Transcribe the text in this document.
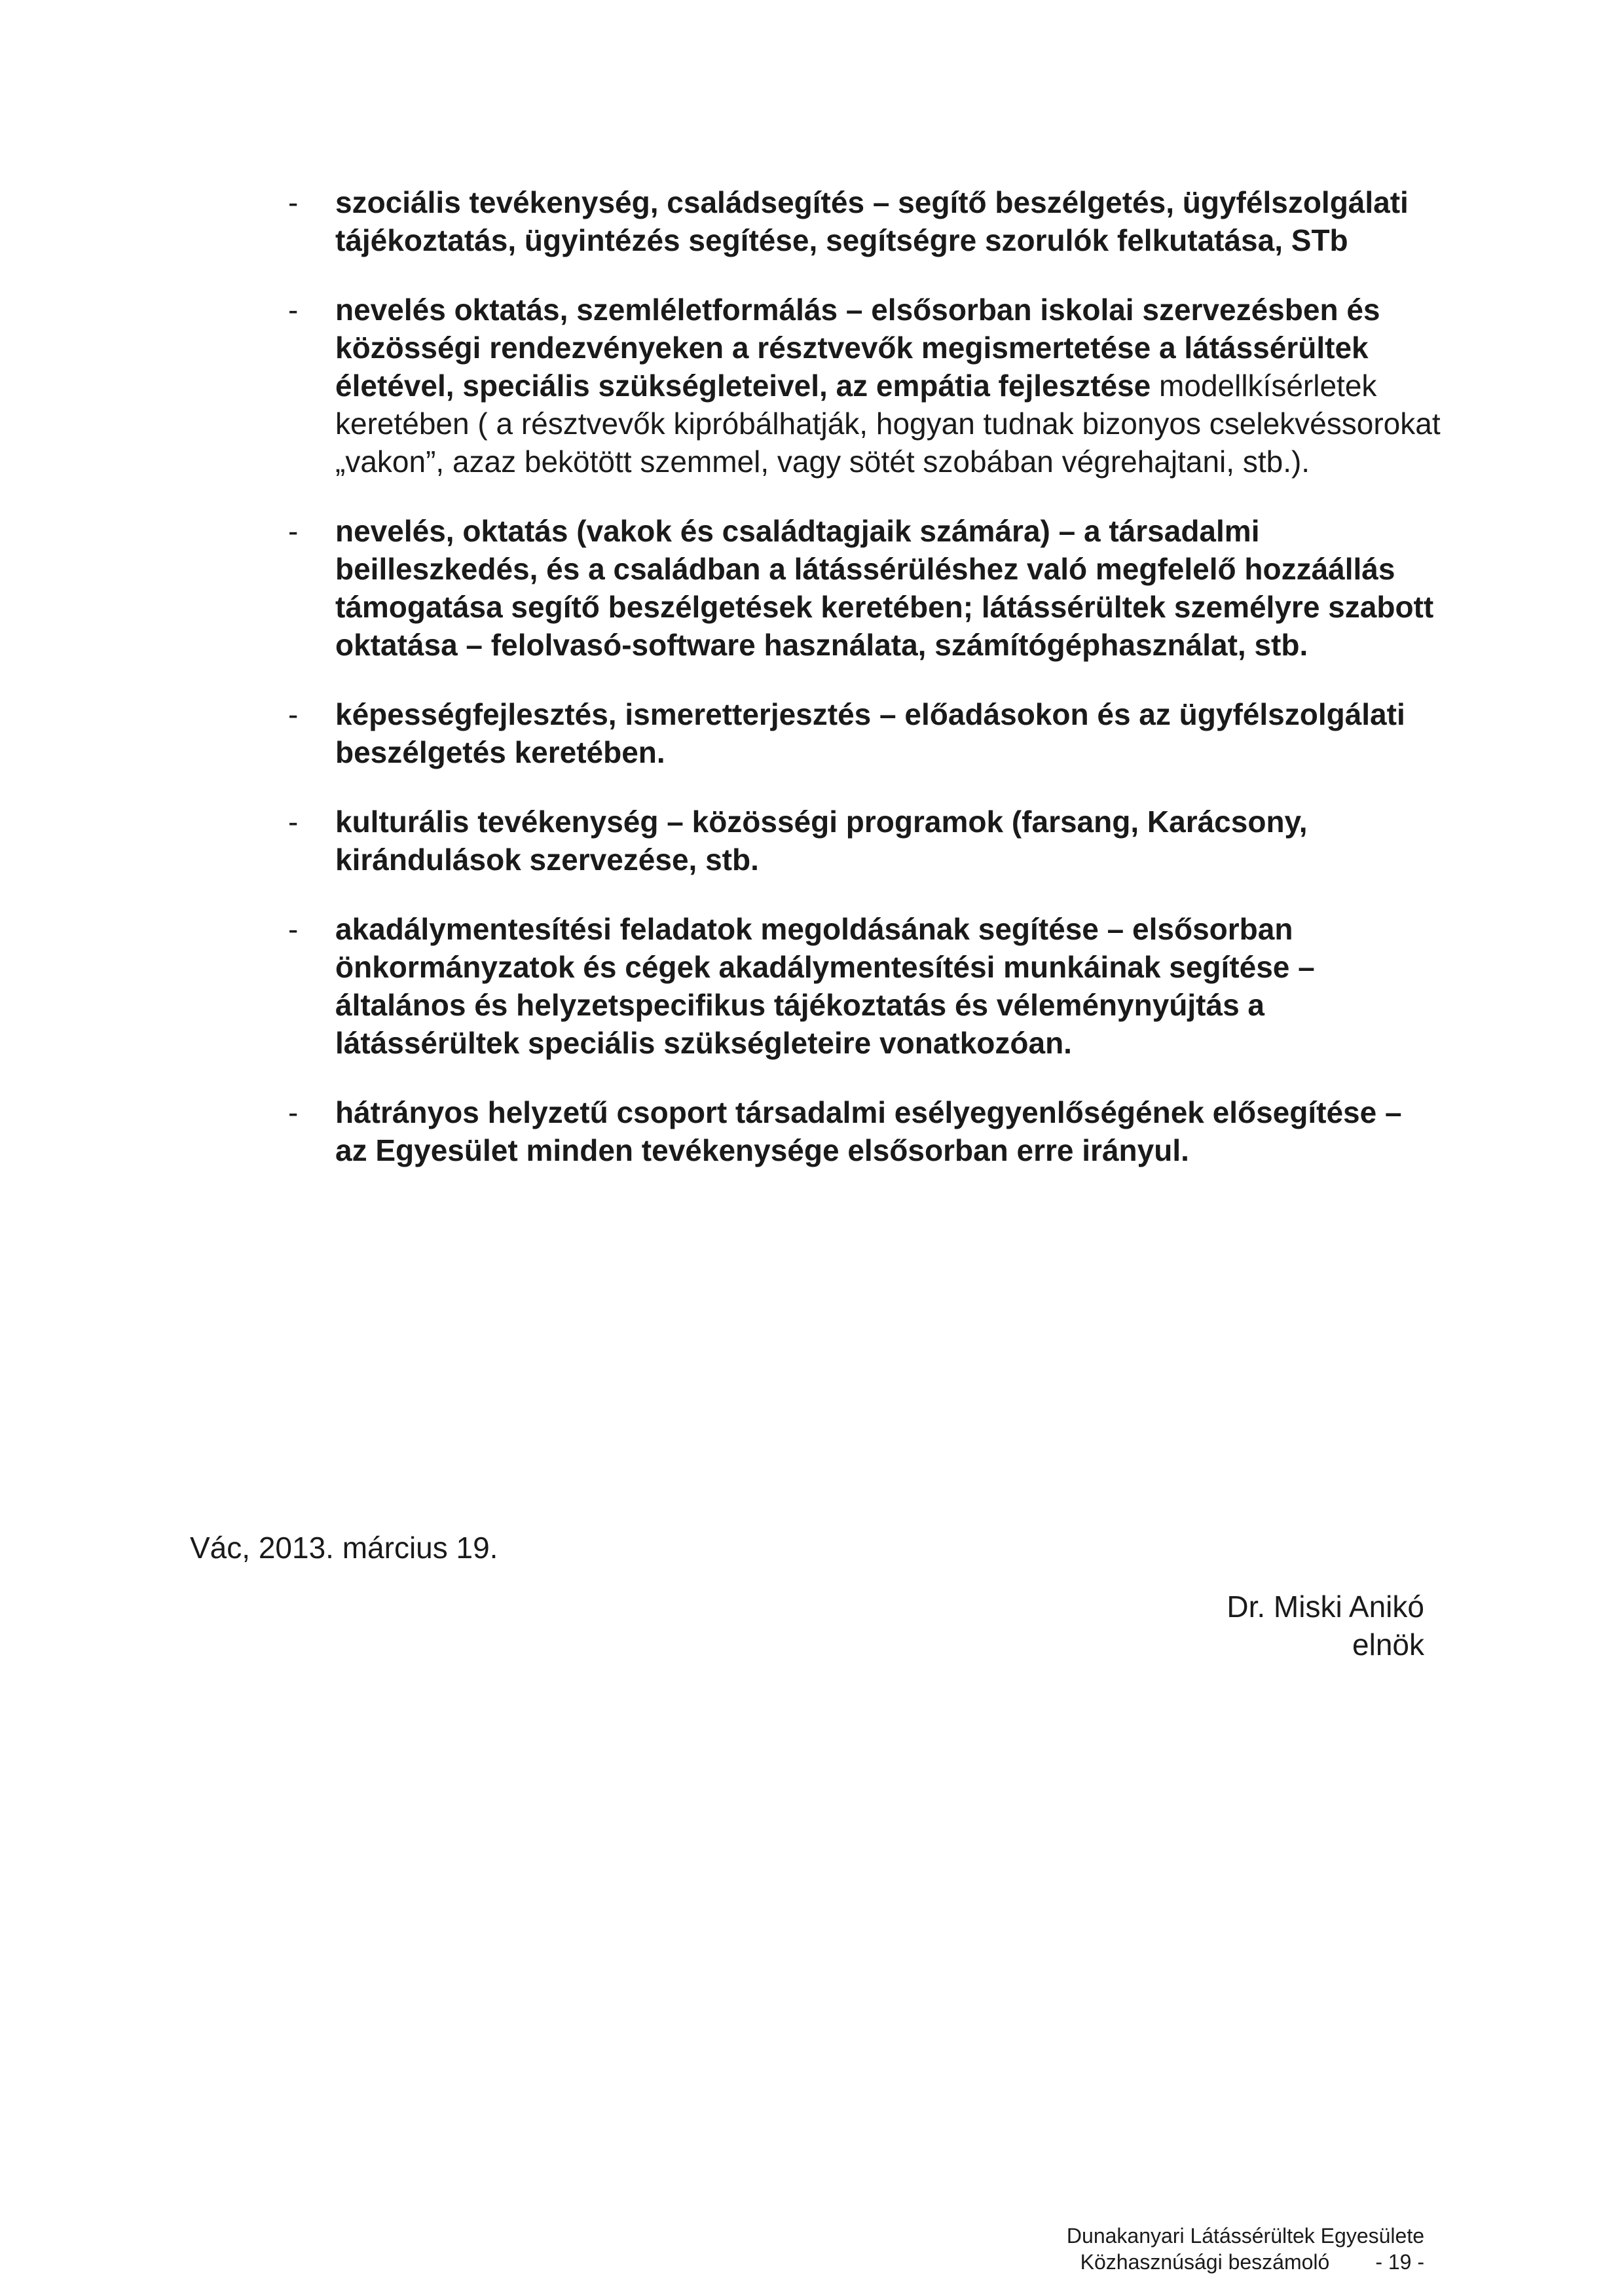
- szociális tevékenység, családsegítés – segítő beszélgetés, ügyfélszolgálati tájékoztatás, ügyintézés segítése, segítségre szorulók felkutatása, STb
- nevelés oktatás, szemléletformálás – elsősorban iskolai szervezésben és közösségi rendezvényeken a résztvevők megismertetése a látássérültek életével, speciális szükségleteivel, az empátia fejlesztése modellkísérletek keretében ( a résztvevők kipróbálhatják, hogyan tudnak bizonyos cselekvéssorokat „vakon”, azaz bekötött szemmel, vagy sötét szobában végrehajtani, stb.).
- nevelés, oktatás (vakok és családtagjaik számára) – a társadalmi beilleszkedés, és a családban a látássérüléshez való megfelelő hozzáállás támogatása segítő beszélgetések keretében; látássérültek személyre szabott oktatása – felolvasó-software használata, számítógéphasználat, stb.
- képességfejlesztés, ismeretterjesztés – előadásokon és az ügyfélszolgálati beszélgetés keretében.
- kulturális tevékenység – közösségi programok (farsang, Karácsony, kirándulások szervezése, stb.
- akadálymentesítési feladatok megoldásának segítése – elsősorban önkormányzatok és cégek akadálymentesítési munkáinak segítése – általános és helyzetspecifikus tájékoztatás és véleménynyújtás a látássérültek speciális szükségleteire vonatkozóan.
- hátrányos helyzetű csoport társadalmi esélyegyenlőségének elősegítése – az Egyesület minden tevékenysége elsősorban erre irányul.
Vác, 2013. március 19.
Dr. Miski Anikó
elnök
Dunakanyari Látássérültek Egyesülete
Közhasznúsági beszámoló - 19 -
